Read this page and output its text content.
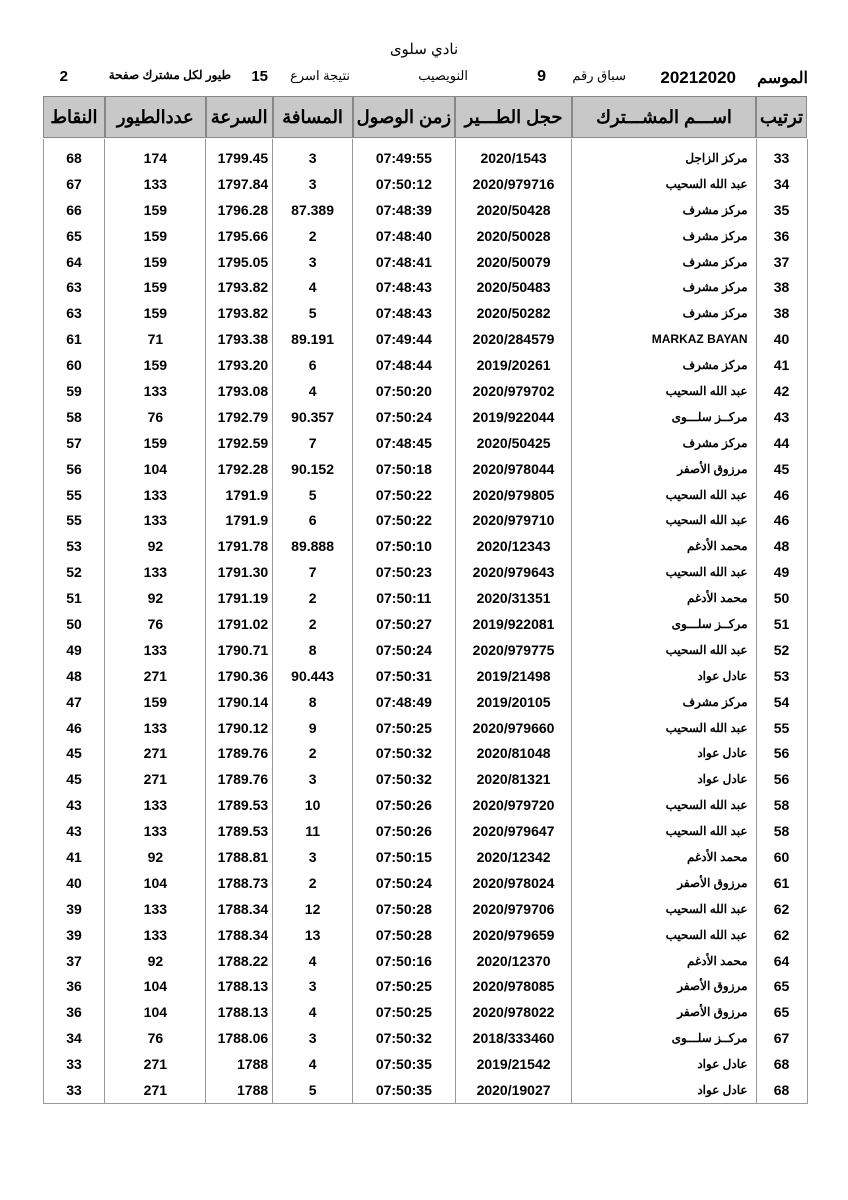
نادي سلوى
الموسم
20212020
سباق رقم
9
النويصيب
نتيجة اسرع
15
طيور لكل مشترك صفحة
2
ترتيب	اســـم المشـــترك	حجل الطـــير	زمن الوصول	المسافة	السرعة	عددالطيور	النقاط
33	مركز الزاجل	2020/1543	07:49:55	3	1799.45	174	68
34	عبد الله السحيب	2020/979716	07:50:12	3	1797.84	133	67
35	مركز مشرف	2020/50428	07:48:39	87.389	1796.28	159	66
36	مركز مشرف	2020/50028	07:48:40	2	1795.66	159	65
37	مركز مشرف	2020/50079	07:48:41	3	1795.05	159	64
38	مركز مشرف	2020/50483	07:48:43	4	1793.82	159	63
38	مركز مشرف	2020/50282	07:48:43	5	1793.82	159	63
40	MARKAZ BAYAN	2020/284579	07:49:44	89.191	1793.38	71	61
41	مركز مشرف	2019/20261	07:48:44	6	1793.20	159	60
42	عبد الله السحيب	2020/979702	07:50:20	4	1793.08	133	59
43	مركــز سلـــوى	2019/922044	07:50:24	90.357	1792.79	76	58
44	مركز مشرف	2020/50425	07:48:45	7	1792.59	159	57
45	مرزوق الأصفر	2020/978044	07:50:18	90.152	1792.28	104	56
46	عبد الله السحيب	2020/979805	07:50:22	5	1791.9	133	55
46	عبد الله السحيب	2020/979710	07:50:22	6	1791.9	133	55
48	محمد الأدغم	2020/12343	07:50:10	89.888	1791.78	92	53
49	عبد الله السحيب	2020/979643	07:50:23	7	1791.30	133	52
50	محمد الأدغم	2020/31351	07:50:11	2	1791.19	92	51
51	مركــز سلـــوى	2019/922081	07:50:27	2	1791.02	76	50
52	عبد الله السحيب	2020/979775	07:50:24	8	1790.71	133	49
53	عادل عواد	2019/21498	07:50:31	90.443	1790.36	271	48
54	مركز مشرف	2019/20105	07:48:49	8	1790.14	159	47
55	عبد الله السحيب	2020/979660	07:50:25	9	1790.12	133	46
56	عادل عواد	2020/81048	07:50:32	2	1789.76	271	45
56	عادل عواد	2020/81321	07:50:32	3	1789.76	271	45
58	عبد الله السحيب	2020/979720	07:50:26	10	1789.53	133	43
58	عبد الله السحيب	2020/979647	07:50:26	11	1789.53	133	43
60	محمد الأدغم	2020/12342	07:50:15	3	1788.81	92	41
61	مرزوق الأصفر	2020/978024	07:50:24	2	1788.73	104	40
62	عبد الله السحيب	2020/979706	07:50:28	12	1788.34	133	39
62	عبد الله السحيب	2020/979659	07:50:28	13	1788.34	133	39
64	محمد الأدغم	2020/12370	07:50:16	4	1788.22	92	37
65	مرزوق الأصفر	2020/978085	07:50:25	3	1788.13	104	36
65	مرزوق الأصفر	2020/978022	07:50:25	4	1788.13	104	36
67	مركــز سلـــوى	2018/333460	07:50:32	3	1788.06	76	34
68	عادل عواد	2019/21542	07:50:35	4	1788	271	33
68	عادل عواد	2020/19027	07:50:35	5	1788	271	33
